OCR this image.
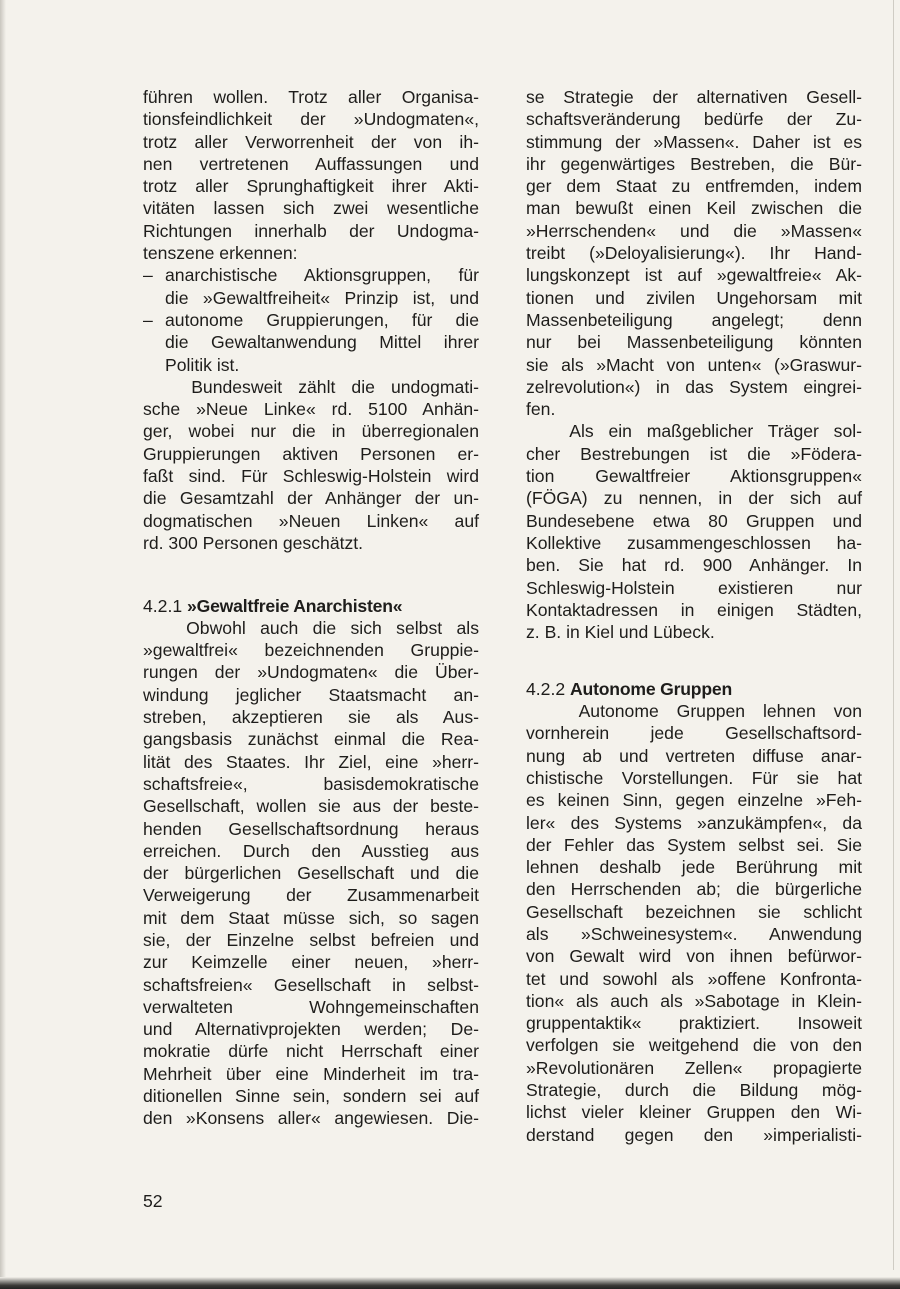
führen wollen. Trotz aller Organisa-
tionsfeindlichkeit der »Undogmaten«,
trotz aller Verworrenheit der von ih-
nen vertretenen Auffassungen und
trotz aller Sprunghaftigkeit ihrer Akti-
vitäten lassen sich zwei wesentliche
Richtungen innerhalb der Undogma-
tenszene erkennen:
– anarchistische Aktionsgruppen, für
die »Gewaltfreiheit« Prinzip ist, und
– autonome Gruppierungen, für die
die Gewaltanwendung Mittel ihrer
Politik ist.
Bundesweit zählt die undogmati-
sche »Neue Linke« rd. 5100 Anhän-
ger, wobei nur die in überregionalen
Gruppierungen aktiven Personen er-
faßt sind. Für Schleswig-Holstein wird
die Gesamtzahl der Anhänger der un-
dogmatischen »Neuen Linken« auf
rd. 300 Personen geschätzt.
4.2.1 »Gewaltfreie Anarchisten«
Obwohl auch die sich selbst als
»gewaltfrei« bezeichnenden Gruppie-
rungen der »Undogmaten« die Über-
windung jeglicher Staatsmacht an-
streben, akzeptieren sie als Aus-
gangsbasis zunächst einmal die Rea-
lität des Staates. Ihr Ziel, eine »herr-
schaftsfreie«, basisdemokratische
Gesellschaft, wollen sie aus der beste-
henden Gesellschaftsordnung heraus
erreichen. Durch den Ausstieg aus
der bürgerlichen Gesellschaft und die
Verweigerung der Zusammenarbeit
mit dem Staat müsse sich, so sagen
sie, der Einzelne selbst befreien und
zur Keimzelle einer neuen, »herr-
schaftsfreien« Gesellschaft in selbst-
verwalteten Wohngemeinschaften
und Alternativprojekten werden; De-
mokratie dürfe nicht Herrschaft einer
Mehrheit über eine Minderheit im tra-
ditionellen Sinne sein, sondern sei auf
den »Konsens aller« angewiesen. Die-
se Strategie der alternativen Gesell-
schaftsveränderung bedürfe der Zu-
stimmung der »Massen«. Daher ist es
ihr gegenwärtiges Bestreben, die Bür-
ger dem Staat zu entfremden, indem
man bewußt einen Keil zwischen die
»Herrschenden« und die »Massen«
treibt (»Deloyalisierung«). Ihr Hand-
lungskonzept ist auf »gewaltfreie« Ak-
tionen und zivilen Ungehorsam mit
Massenbeteiligung angelegt; denn
nur bei Massenbeteiligung könnten
sie als »Macht von unten« (»Graswur-
zelrevolution«) in das System eingrei-
fen.
Als ein maßgeblicher Träger sol-
cher Bestrebungen ist die »Födera-
tion Gewaltfreier Aktionsgruppen«
(FÖGA) zu nennen, in der sich auf
Bundesebene etwa 80 Gruppen und
Kollektive zusammengeschlossen ha-
ben. Sie hat rd. 900 Anhänger. In
Schleswig-Holstein existieren nur
Kontaktadressen in einigen Städten,
z. B. in Kiel und Lübeck.
4.2.2 Autonome Gruppen
Autonome Gruppen lehnen von
vornherein jede Gesellschaftsord-
nung ab und vertreten diffuse anar-
chistische Vorstellungen. Für sie hat
es keinen Sinn, gegen einzelne »Feh-
ler« des Systems »anzukämpfen«, da
der Fehler das System selbst sei. Sie
lehnen deshalb jede Berührung mit
den Herrschenden ab; die bürgerliche
Gesellschaft bezeichnen sie schlicht
als »Schweinesystem«. Anwendung
von Gewalt wird von ihnen befürwor-
tet und sowohl als »offene Konfronta-
tion« als auch als »Sabotage in Klein-
gruppentaktik« praktiziert. Insoweit
verfolgen sie weitgehend die von den
»Revolutionären Zellen« propagierte
Strategie, durch die Bildung mög-
lichst vieler kleiner Gruppen den Wi-
derstand gegen den »imperialisti-
52
